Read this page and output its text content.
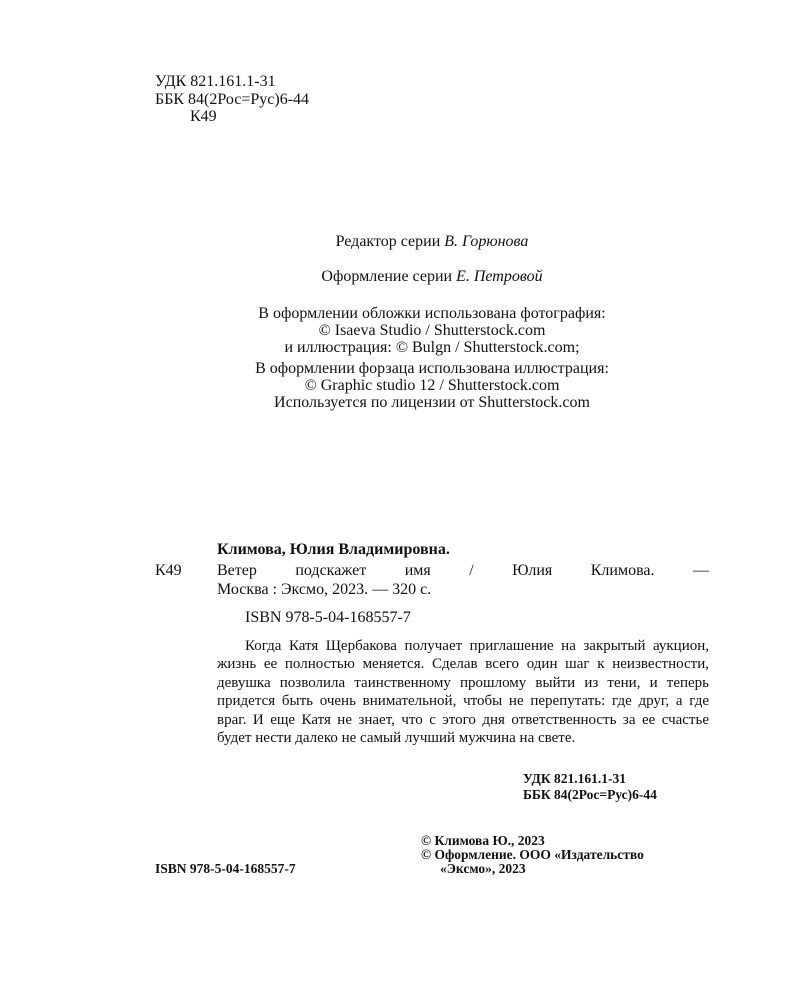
УДК 821.161.1-31
ББК 84(2Рос=Рус)6-44
К49
Редактор серии В. Горюнова
Оформление серии Е. Петровой
В оформлении обложки использована фотография:
© Isaeva Studio / Shutterstock.com
и иллюстрация: © Bulgn / Shutterstock.com;
В оформлении форзаца использована иллюстрация:
© Graphic studio 12 / Shutterstock.com
Используется по лицензии от Shutterstock.com
Климова, Юлия Владимировна.
К49 Ветер подскажет имя / Юлия Климова. —
Москва : Эксмо, 2023. — 320 с.
ISBN 978-5-04-168557-7
Когда Катя Щербакова получает приглашение на закрытый аукцион, жизнь ее полностью меняется. Сделав всего один шаг к неизвестности, девушка позволила таинственному прошлому выйти из тени, и теперь придется быть очень внимательной, чтобы не перепутать: где друг, а где враг. И еще Катя не знает, что с этого дня ответственность за ее счастье будет нести далеко не самый лучший мужчина на свете.
УДК 821.161.1-31
ББК 84(2Рос=Рус)6-44
ISBN 978-5-04-168557-7
© Климова Ю., 2023
© Оформление. ООО «Издательство
«Эксмо», 2023
